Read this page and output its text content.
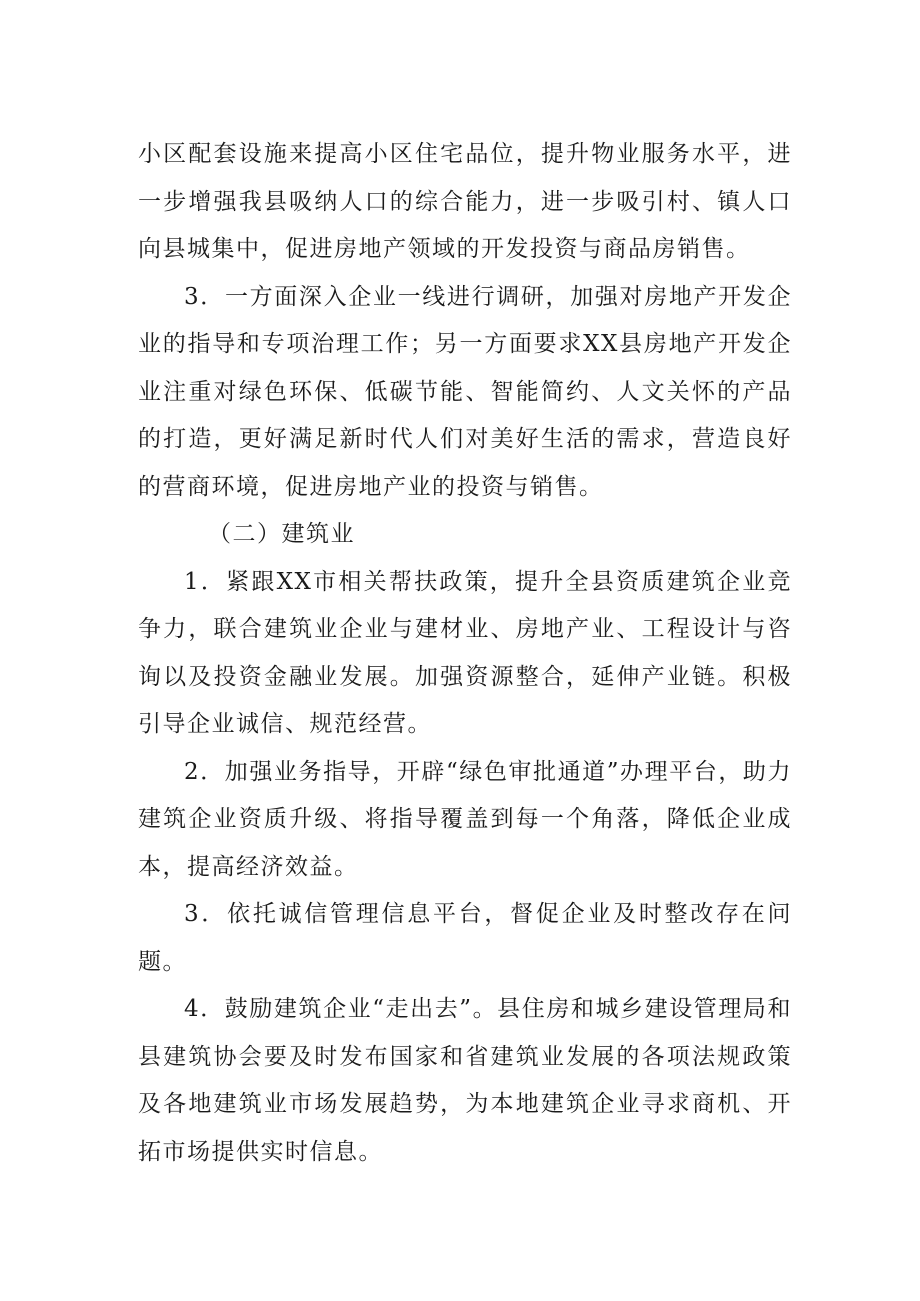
小区配套设施来提高小区住宅品位，提升物业服务水平，进一步增强我县吸纳人口的综合能力，进一步吸引村、镇人口向县城集中，促进房地产领域的开发投资与商品房销售。

3．一方面深入企业一线进行调研，加强对房地产开发企业的指导和专项治理工作；另一方面要求XX县房地产开发企业注重对绿色环保、低碳节能、智能简约、人文关怀的产品的打造，更好满足新时代人们对美好生活的需求，营造良好的营商环境，促进房地产业的投资与销售。

（二）建筑业

1．紧跟XX市相关帮扶政策，提升全县资质建筑企业竞争力，联合建筑业企业与建材业、房地产业、工程设计与咨询以及投资金融业发展。加强资源整合，延伸产业链。积极引导企业诚信、规范经营。

2．加强业务指导，开辟“绿色审批通道”办理平台，助力建筑企业资质升级、将指导覆盖到每一个角落，降低企业成本，提高经济效益。

3．依托诚信管理信息平台，督促企业及时整改存在问题。

4．鼓励建筑企业“走出去”。县住房和城乡建设管理局和县建筑协会要及时发布国家和省建筑业发展的各项法规政策及各地建筑业市场发展趋势，为本地建筑企业寻求商机、开拓市场提供实时信息。
